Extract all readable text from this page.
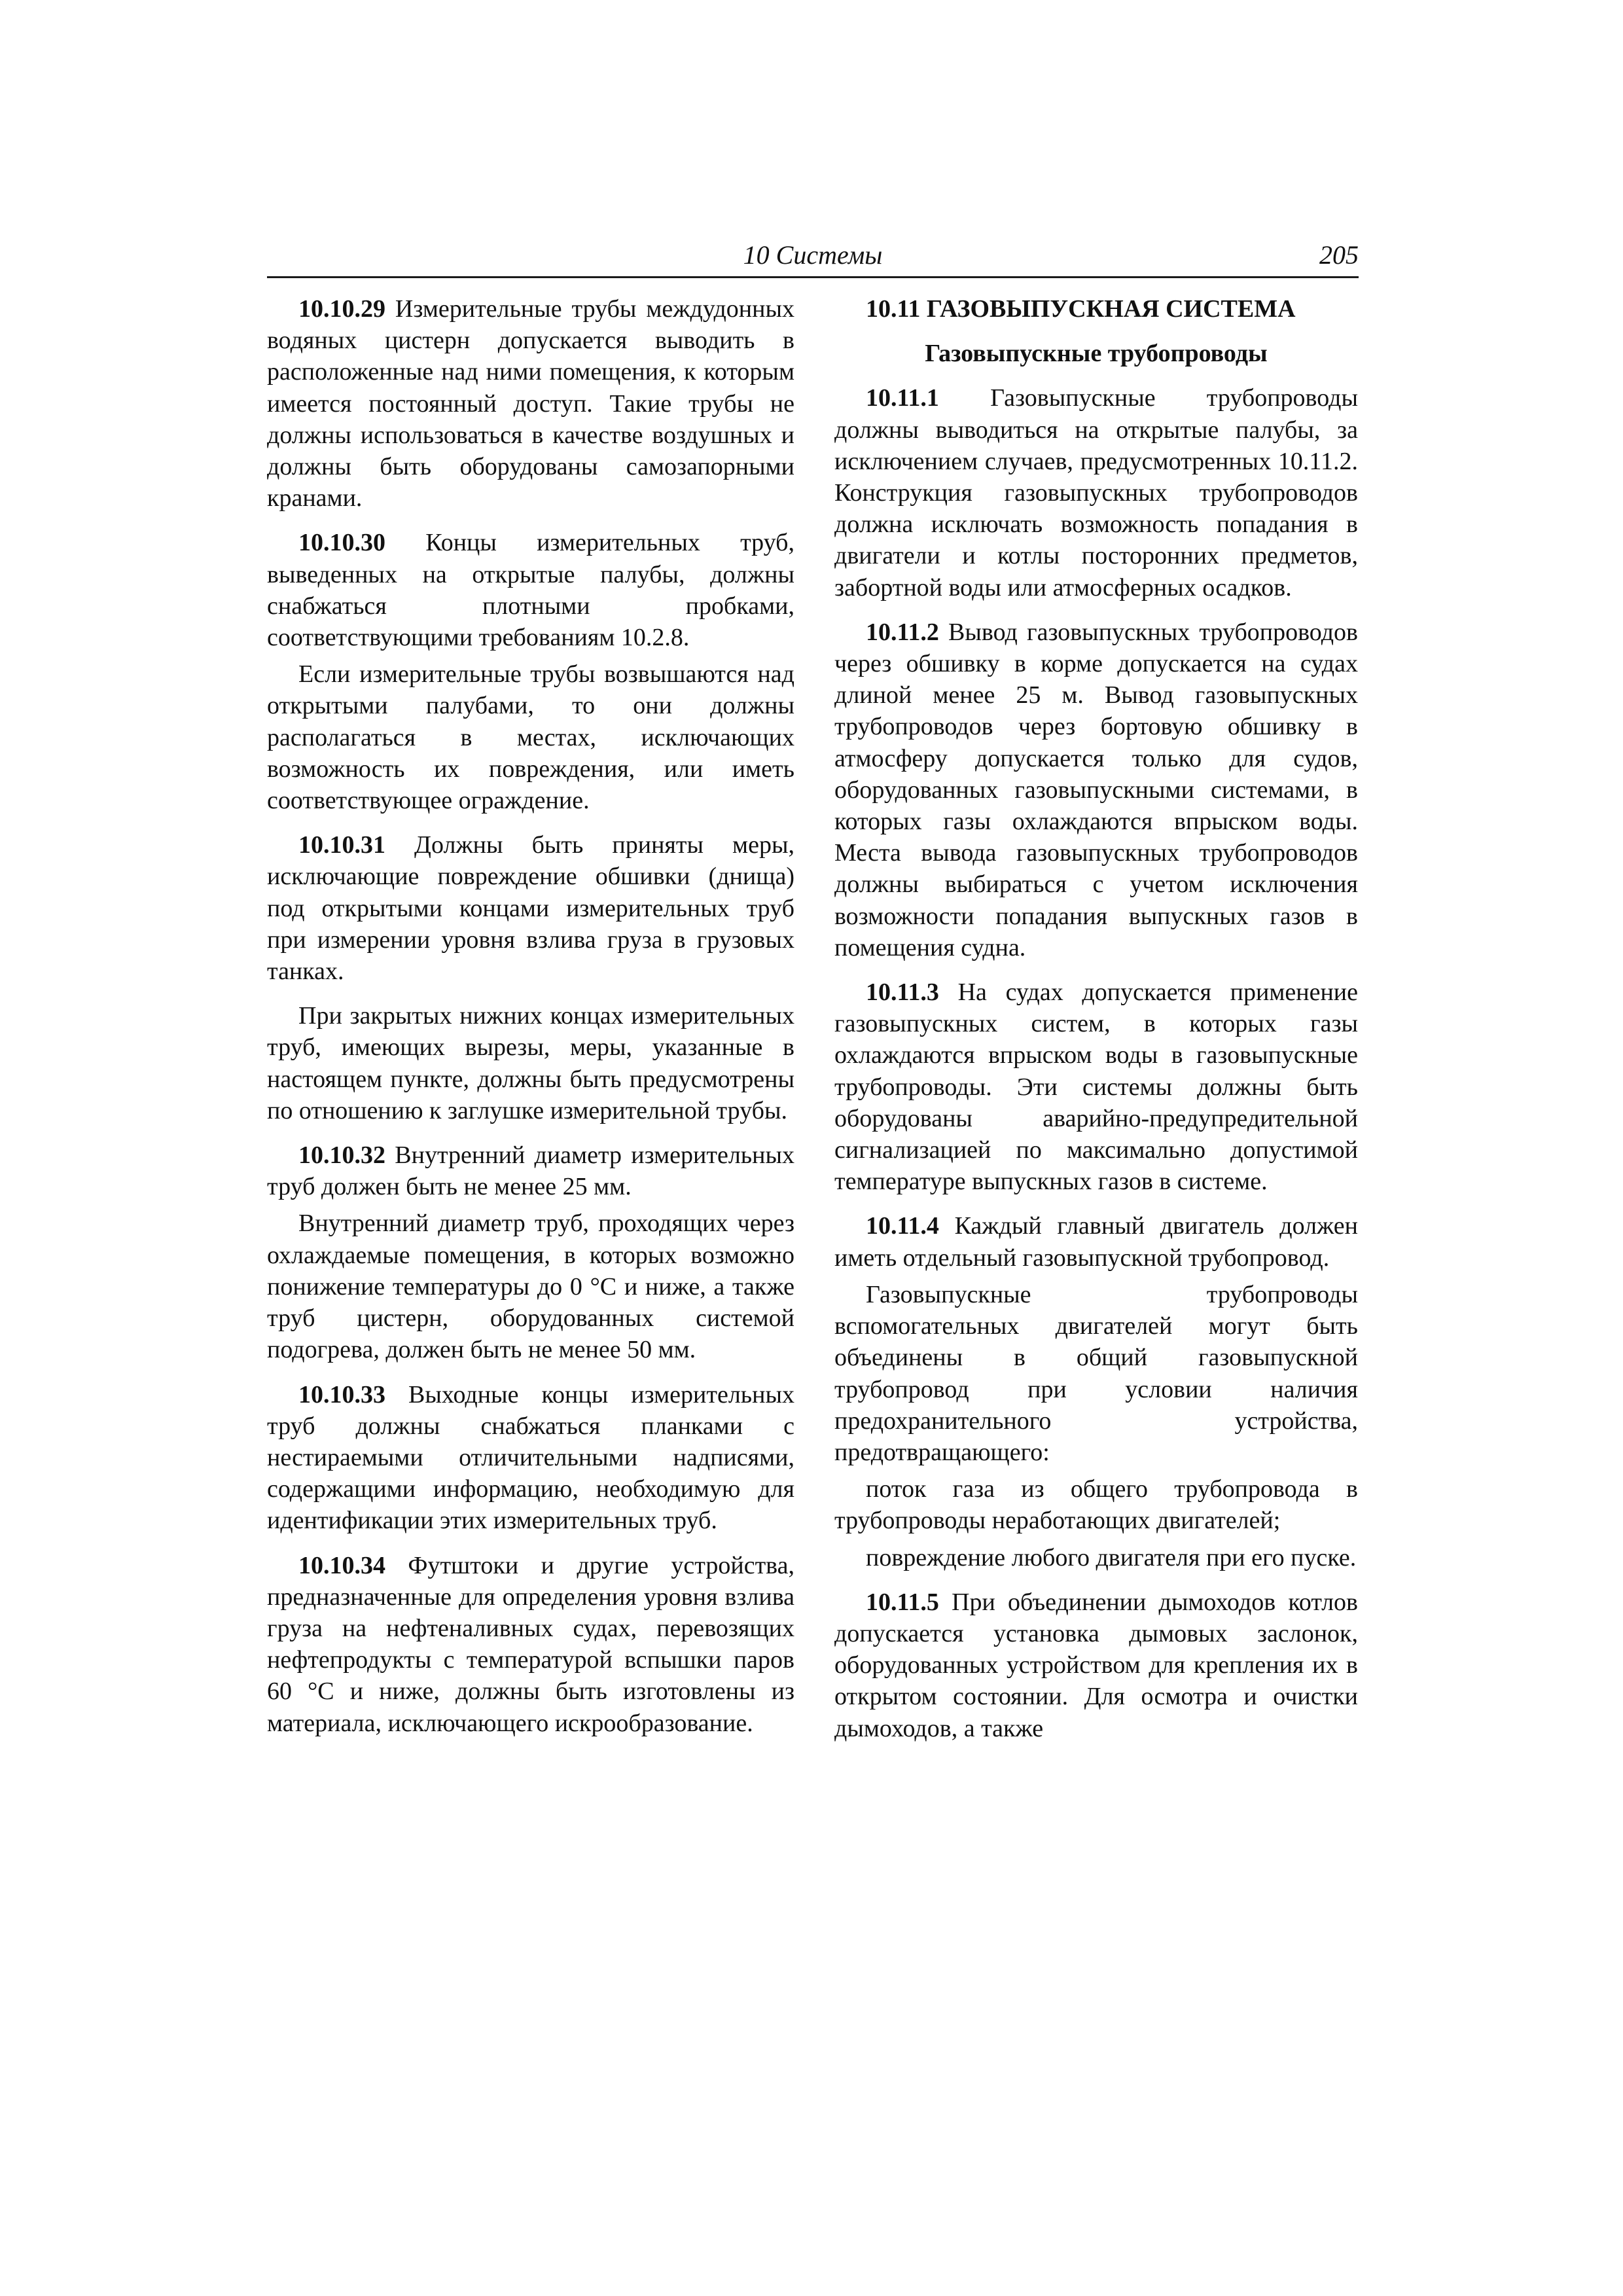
10 Системы	205

10.10.29 Измерительные трубы междудонных водяных цистерн допускается выводить в расположенные над ними помещения, к которым имеется постоянный доступ. Такие трубы не должны использоваться в качестве воздушных и должны быть оборудованы самозапорными кранами.

10.10.30 Концы измерительных труб, выведенных на открытые палубы, должны снабжаться плотными пробками, соответствующими требованиям 10.2.8.

Если измерительные трубы возвышаются над открытыми палубами, то они должны располагаться в местах, исключающих возможность их повреждения, или иметь соответствующее ограждение.

10.10.31 Должны быть приняты меры, исключающие повреждение обшивки (днища) под открытыми концами измерительных труб при измерении уровня взлива груза в грузовых танках.

При закрытых нижних концах измерительных труб, имеющих вырезы, меры, указанные в настоящем пункте, должны быть предусмотрены по отношению к заглушке измерительной трубы.

10.10.32 Внутренний диаметр измерительных труб должен быть не менее 25 мм.

Внутренний диаметр труб, проходящих через охлаждаемые помещения, в которых возможно понижение температуры до 0 °С и ниже, а также труб цистерн, оборудованных системой подогрева, должен быть не менее 50 мм.

10.10.33 Выходные концы измерительных труб должны снабжаться планками с нестираемыми отличительными надписями, содержащими информацию, необходимую для идентификации этих измерительных труб.

10.10.34 Футштоки и другие устройства, предназначенные для определения уровня взлива груза на нефтеналивных судах, перевозящих нефтепродукты с температурой вспышки паров 60 °С и ниже, должны быть изготовлены из материала, исключающего искрообразование.

10.11 ГАЗОВЫПУСКНАЯ СИСТЕМА

Газовыпускные трубопроводы

10.11.1 Газовыпускные трубопроводы должны выводиться на открытые палубы, за исключением случаев, предусмотренных 10.11.2. Конструкция газовыпускных трубопроводов должна исключать возможность попадания в двигатели и котлы посторонних предметов, забортной воды или атмосферных осадков.

10.11.2 Вывод газовыпускных трубопроводов через обшивку в корме допускается на судах длиной менее 25 м. Вывод газовыпускных трубопроводов через бортовую обшивку в атмосферу допускается только для судов, оборудованных газовыпускными системами, в которых газы охлаждаются впрыском воды. Места вывода газовыпускных трубопроводов должны выбираться с учетом исключения возможности попадания выпускных газов в помещения судна.

10.11.3 На судах допускается применение газовыпускных систем, в которых газы охлаждаются впрыском воды в газовыпускные трубопроводы. Эти системы должны быть оборудованы аварийно-предупредительной сигнализацией по максимально допустимой температуре выпускных газов в системе.

10.11.4 Каждый главный двигатель должен иметь отдельный газовыпускной трубопровод.

Газовыпускные трубопроводы вспомогательных двигателей могут быть объединены в общий газовыпускной трубопровод при условии наличия предохранительного устройства, предотвращающего:

поток газа из общего трубопровода в трубопроводы неработающих двигателей;

повреждение любого двигателя при его пуске.

10.11.5 При объединении дымоходов котлов допускается установка дымовых заслонок, оборудованных устройством для крепления их в открытом состоянии. Для осмотра и очистки дымоходов, а также
